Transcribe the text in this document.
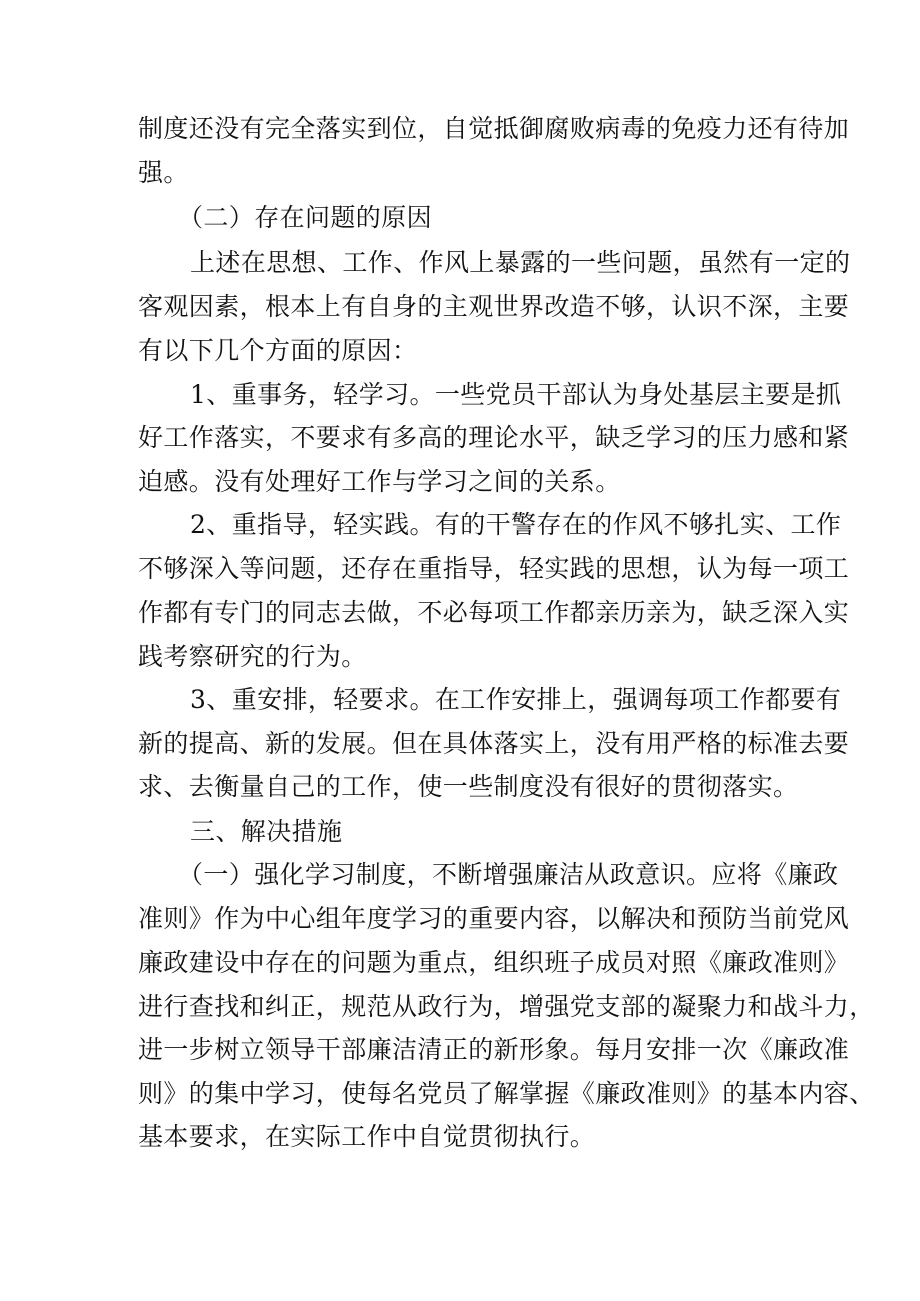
制度还没有完全落实到位，自觉抵御腐败病毒的免疫力还有待加
强。
（二）存在问题的原因
上述在思想、工作、作风上暴露的一些问题，虽然有一定的
客观因素，根本上有自身的主观世界改造不够，认识不深，主要
有以下几个方面的原因：
1、重事务，轻学习。一些党员干部认为身处基层主要是抓
好工作落实，不要求有多高的理论水平，缺乏学习的压力感和紧
迫感。没有处理好工作与学习之间的关系。
2、重指导，轻实践。有的干警存在的作风不够扎实、工作
不够深入等问题，还存在重指导，轻实践的思想，认为每一项工
作都有专门的同志去做，不必每项工作都亲历亲为，缺乏深入实
践考察研究的行为。
3、重安排，轻要求。在工作安排上，强调每项工作都要有
新的提高、新的发展。但在具体落实上，没有用严格的标准去要
求、去衡量自己的工作，使一些制度没有很好的贯彻落实。
三、解决措施
（一）强化学习制度，不断增强廉洁从政意识。应将《廉政
准则》作为中心组年度学习的重要内容，以解决和预防当前党风
廉政建设中存在的问题为重点，组织班子成员对照《廉政准则》
进行查找和纠正，规范从政行为，增强党支部的凝聚力和战斗力，
进一步树立领导干部廉洁清正的新形象。每月安排一次《廉政准
则》的集中学习，使每名党员了解掌握《廉政准则》的基本内容、
基本要求，在实际工作中自觉贯彻执行。
